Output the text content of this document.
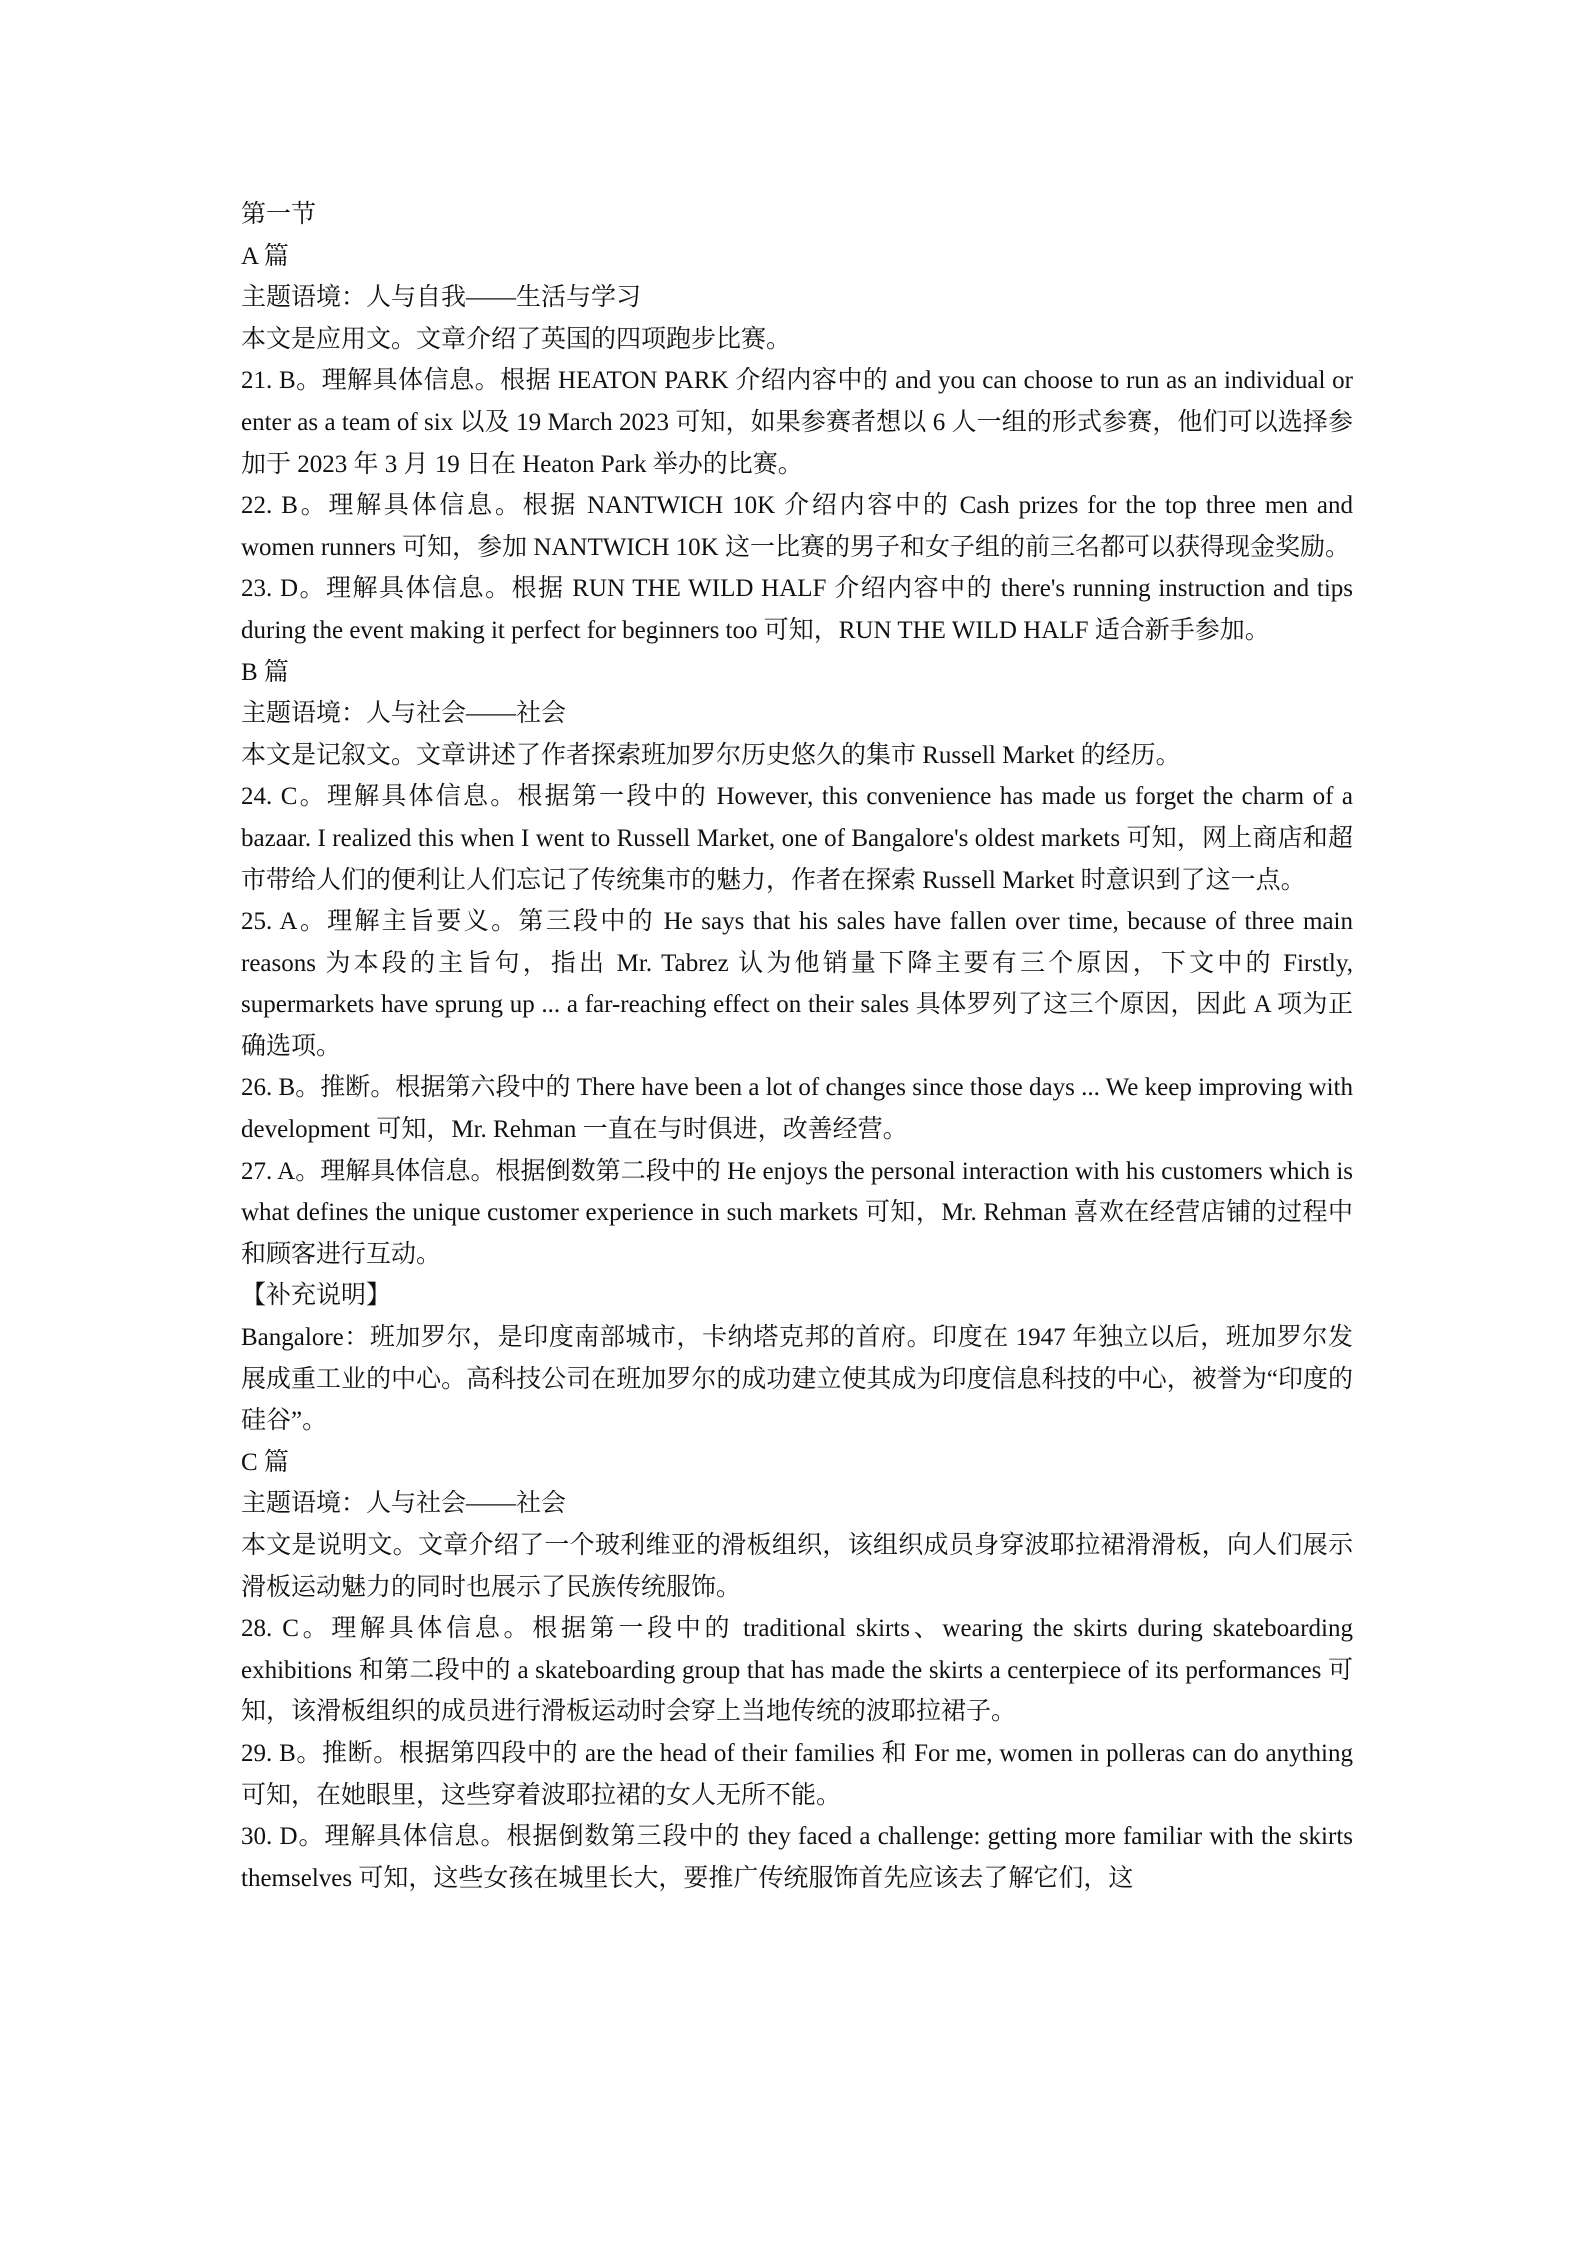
第一节
A 篇
主题语境：人与自我——生活与学习
本文是应用文。文章介绍了英国的四项跑步比赛。
21. B。理解具体信息。根据 HEATON PARK 介绍内容中的 and you can choose to run as an individual or enter as a team of six 以及 19 March 2023 可知，如果参赛者想以 6 人一组的形式参赛，他们可以选择参加于 2023 年 3 月 19 日在 Heaton Park 举办的比赛。
22. B。理解具体信息。根据 NANTWICH 10K 介绍内容中的 Cash prizes for the top three men and women runners 可知，参加 NANTWICH 10K 这一比赛的男子和女子组的前三名都可以获得现金奖励。
23. D。理解具体信息。根据 RUN THE WILD HALF 介绍内容中的 there's running instruction and tips during the event making it perfect for beginners too 可知，RUN THE WILD HALF 适合新手参加。
B 篇
主题语境：人与社会——社会
本文是记叙文。文章讲述了作者探索班加罗尔历史悠久的集市 Russell Market 的经历。
24. C。理解具体信息。根据第一段中的 However, this convenience has made us forget the charm of a bazaar. I realized this when I went to Russell Market, one of Bangalore's oldest markets 可知，网上商店和超市带给人们的便利让人们忘记了传统集市的魅力，作者在探索 Russell Market 时意识到了这一点。
25. A。理解主旨要义。第三段中的 He says that his sales have fallen over time, because of three main reasons 为本段的主旨句，指出 Mr. Tabrez 认为他销量下降主要有三个原因，下文中的 Firstly, supermarkets have sprung up ... a far-reaching effect on their sales 具体罗列了这三个原因，因此 A 项为正确选项。
26. B。推断。根据第六段中的 There have been a lot of changes since those days ... We keep improving with development 可知，Mr. Rehman 一直在与时俱进，改善经营。
27. A。理解具体信息。根据倒数第二段中的 He enjoys the personal interaction with his customers which is what defines the unique customer experience in such markets 可知，Mr. Rehman 喜欢在经营店铺的过程中和顾客进行互动。
【补充说明】
Bangalore：班加罗尔，是印度南部城市，卡纳塔克邦的首府。印度在 1947 年独立以后，班加罗尔发展成重工业的中心。高科技公司在班加罗尔的成功建立使其成为印度信息科技的中心，被誉为“印度的硅谷”。
C 篇
主题语境：人与社会——社会
本文是说明文。文章介绍了一个玻利维亚的滑板组织，该组织成员身穿波耶拉裙滑滑板，向人们展示滑板运动魅力的同时也展示了民族传统服饰。
28. C。理解具体信息。根据第一段中的 traditional skirts、wearing the skirts during skateboarding exhibitions 和第二段中的 a skateboarding group that has made the skirts a centerpiece of its performances 可知，该滑板组织的成员进行滑板运动时会穿上当地传统的波耶拉裙子。
29. B。推断。根据第四段中的 are the head of their families 和 For me, women in polleras can do anything 可知，在她眼里，这些穿着波耶拉裙的女人无所不能。
30. D。理解具体信息。根据倒数第三段中的 they faced a challenge: getting more familiar with the skirts themselves 可知，这些女孩在城里长大，要推广传统服饰首先应该去了解它们，这
